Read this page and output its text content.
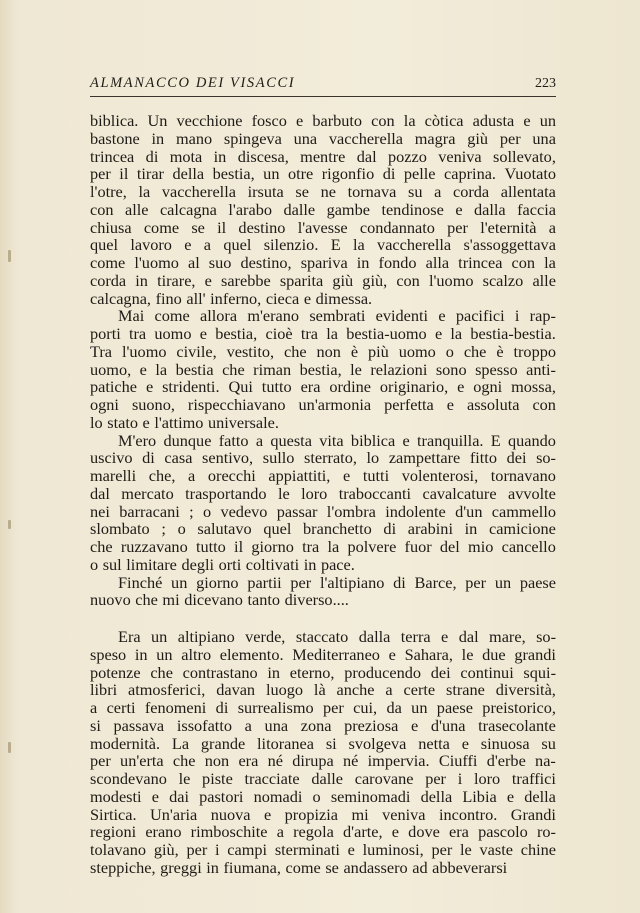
ALMANACCO DEI VISACCI	223
biblica. Un vecchione fosco e barbuto con la còtica adusta e un
bastone in mano spingeva una vaccherella magra giù per una
trincea di mota in discesa, mentre dal pozzo veniva sollevato,
per il tirar della bestia, un otre rigonfio di pelle caprina. Vuotato
l'otre, la vaccherella irsuta se ne tornava su a corda allentata
con alle calcagna l'arabo dalle gambe tendinose e dalla faccia
chiusa come se il destino l'avesse condannato per l'eternità a
quel lavoro e a quel silenzio. E la vaccherella s'assoggettava
come l'uomo al suo destino, spariva in fondo alla trincea con la
corda in tirare, e sarebbe sparita giù giù, con l'uomo scalzo alle
calcagna, fino all' inferno, cieca e dimessa.
Mai come allora m'erano sembrati evidenti e pacifici i rap-
porti tra uomo e bestia, cioè tra la bestia-uomo e la bestia-bestia.
Tra l'uomo civile, vestito, che non è più uomo o che è troppo
uomo, e la bestia che riman bestia, le relazioni sono spesso anti-
patiche e stridenti. Qui tutto era ordine originario, e ogni mossa,
ogni suono, rispecchiavano un'armonia perfetta e assoluta con
lo stato e l'attimo universale.
M'ero dunque fatto a questa vita biblica e tranquilla. E quando
uscivo di casa sentivo, sullo sterrato, lo zampettare fitto dei so-
marelli che, a orecchi appiattiti, e tutti volenterosi, tornavano
dal mercato trasportando le loro traboccanti cavalcature avvolte
nei barracani ; o vedevo passar l'ombra indolente d'un cammello
slombato ; o salutavo quel branchetto di arabini in camicione
che ruzzavano tutto il giorno tra la polvere fuor del mio cancello
o sul limitare degli orti coltivati in pace.
Finché un giorno partii per l'altipiano di Barce, per un paese
nuovo che mi dicevano tanto diverso....
Era un altipiano verde, staccato dalla terra e dal mare, so-
speso in un altro elemento. Mediterraneo e Sahara, le due grandi
potenze che contrastano in eterno, producendo dei continui squi-
libri atmosferici, davan luogo là anche a certe strane diversità,
a certi fenomeni di surrealismo per cui, da un paese preistorico,
si passava issofatto a una zona preziosa e d'una trasecolante
modernità. La grande litoranea si svolgeva netta e sinuosa su
per un'erta che non era né dirupa né impervia. Ciuffi d'erbe na-
scondevano le piste tracciate dalle carovane per i loro traffici
modesti e dai pastori nomadi o seminomadi della Libia e della
Sirtica. Un'aria nuova e propizia mi veniva incontro. Grandi
regioni erano rimboschite a regola d'arte, e dove era pascolo ro-
tolavano giù, per i campi sterminati e luminosi, per le vaste chine
steppiche, greggi in fiumana, come se andassero ad abbeverarsi
